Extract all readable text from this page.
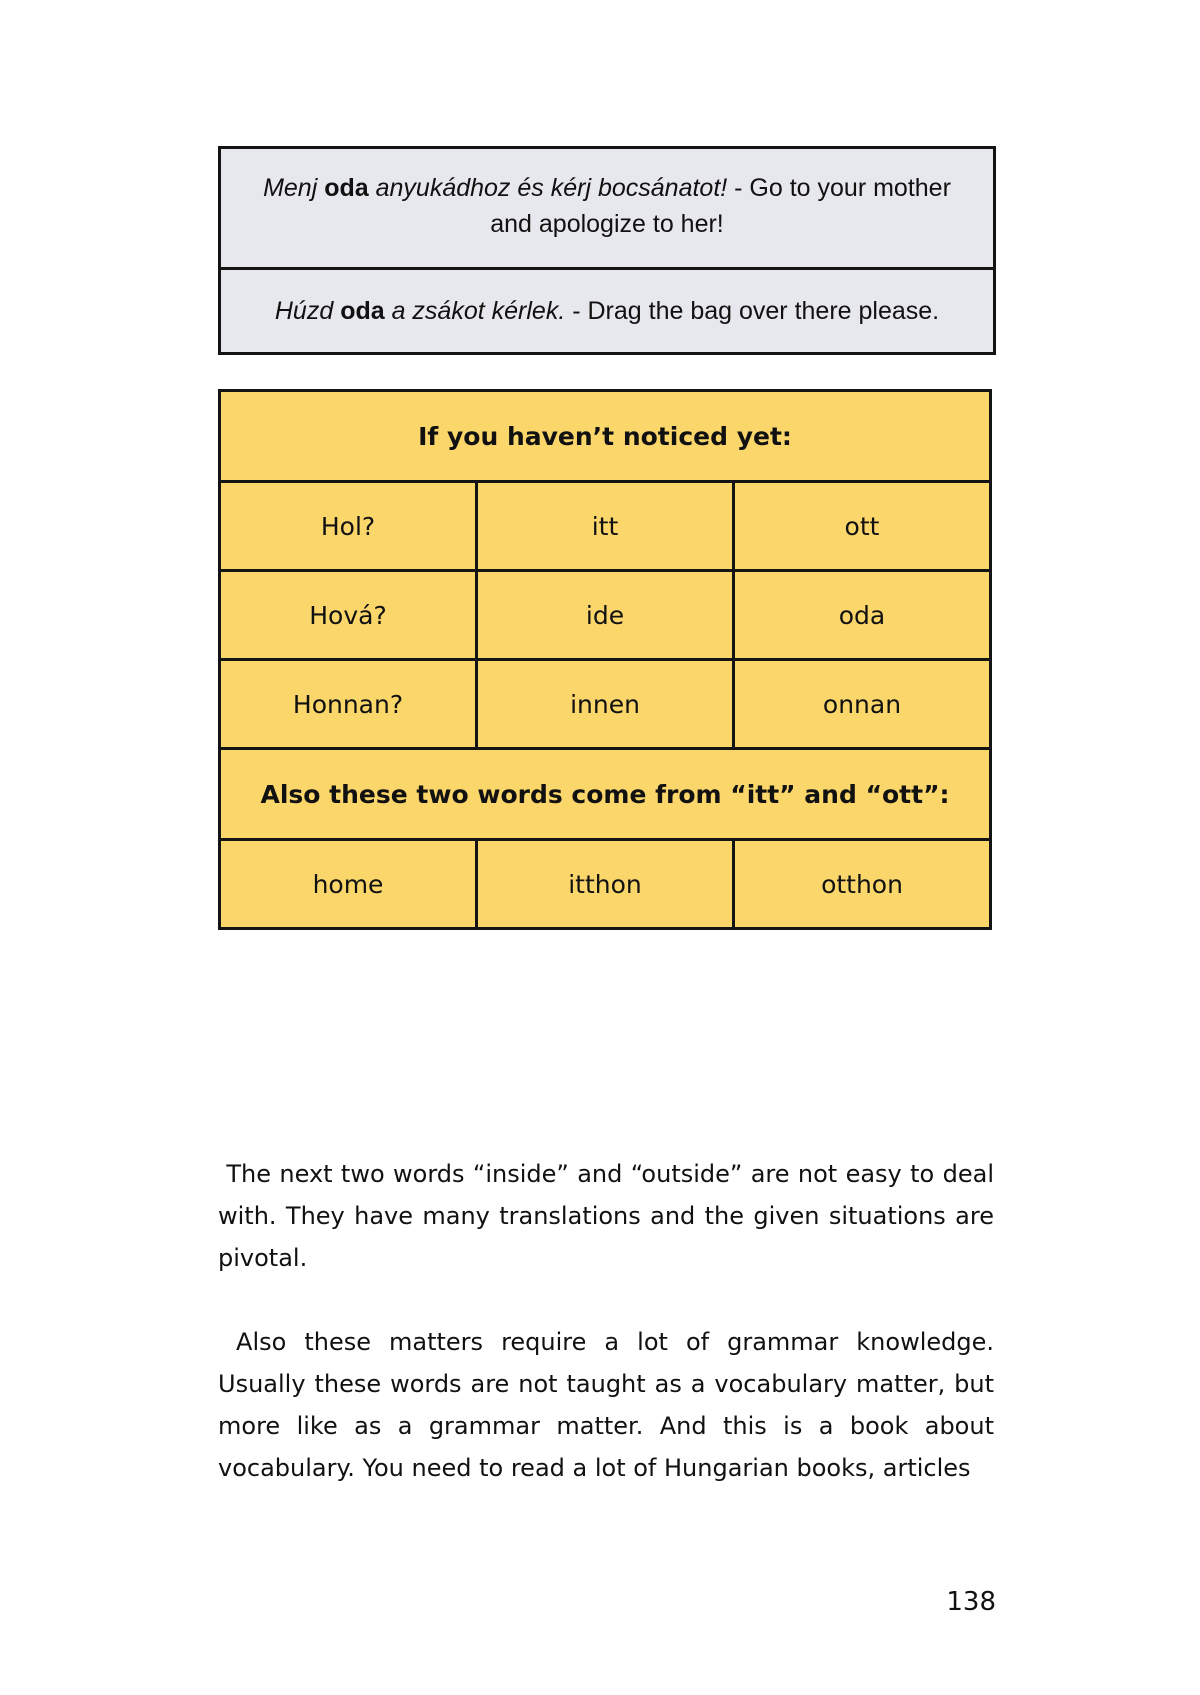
Menj oda anyukádhoz és kérj bocsánatot! - Go to your mother and apologize to her!
Húzd oda a zsákot kérlek. - Drag the bag over there please.
If you haven’t noticed yet:		
Hol?	itt	ott
Hová?	ide	oda
Honnan?	innen	onnan
Also these two words come from “itt” and “ott”:		
home	itthon	otthon

The next two words “inside” and “outside” are not easy to deal with. They have many translations and the given situations are pivotal.

Also these matters require a lot of grammar knowledge. Usually these words are not taught as a vocabulary matter, but more like as a grammar matter. And this is a book about vocabulary. You need to read a lot of Hungarian books, articles

138
